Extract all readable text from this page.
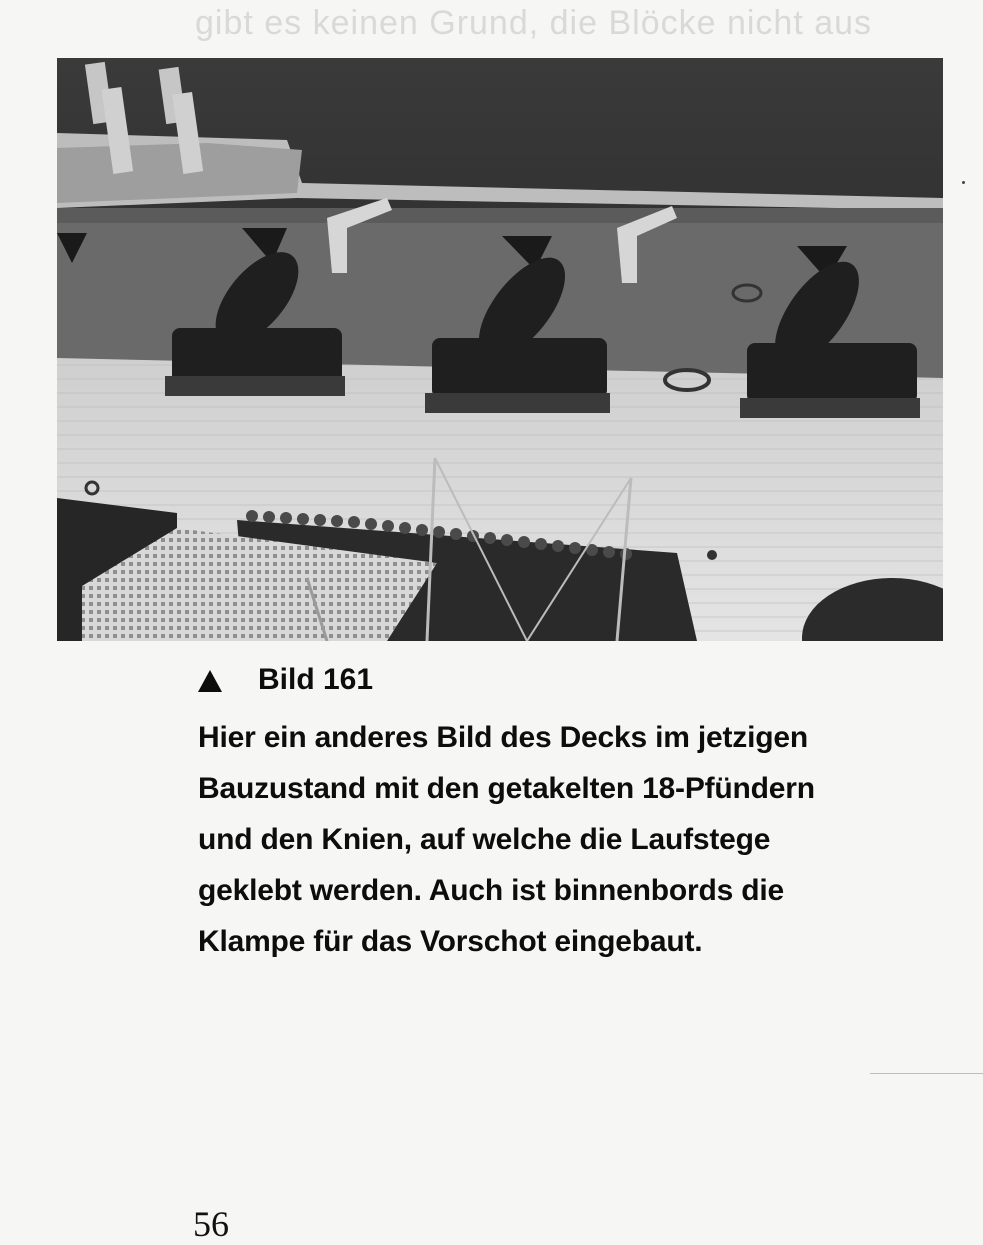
gibt es keinen Grund, die Blöcke nicht aus
Bild 161
Hier ein anderes Bild des Decks im jetzigen
Bauzustand mit den getakelten 18-Pfündern
und den Knien, auf welche die Laufstege
geklebt werden. Auch ist binnenbords die
Klampe für das Vorschot eingebaut.
56
